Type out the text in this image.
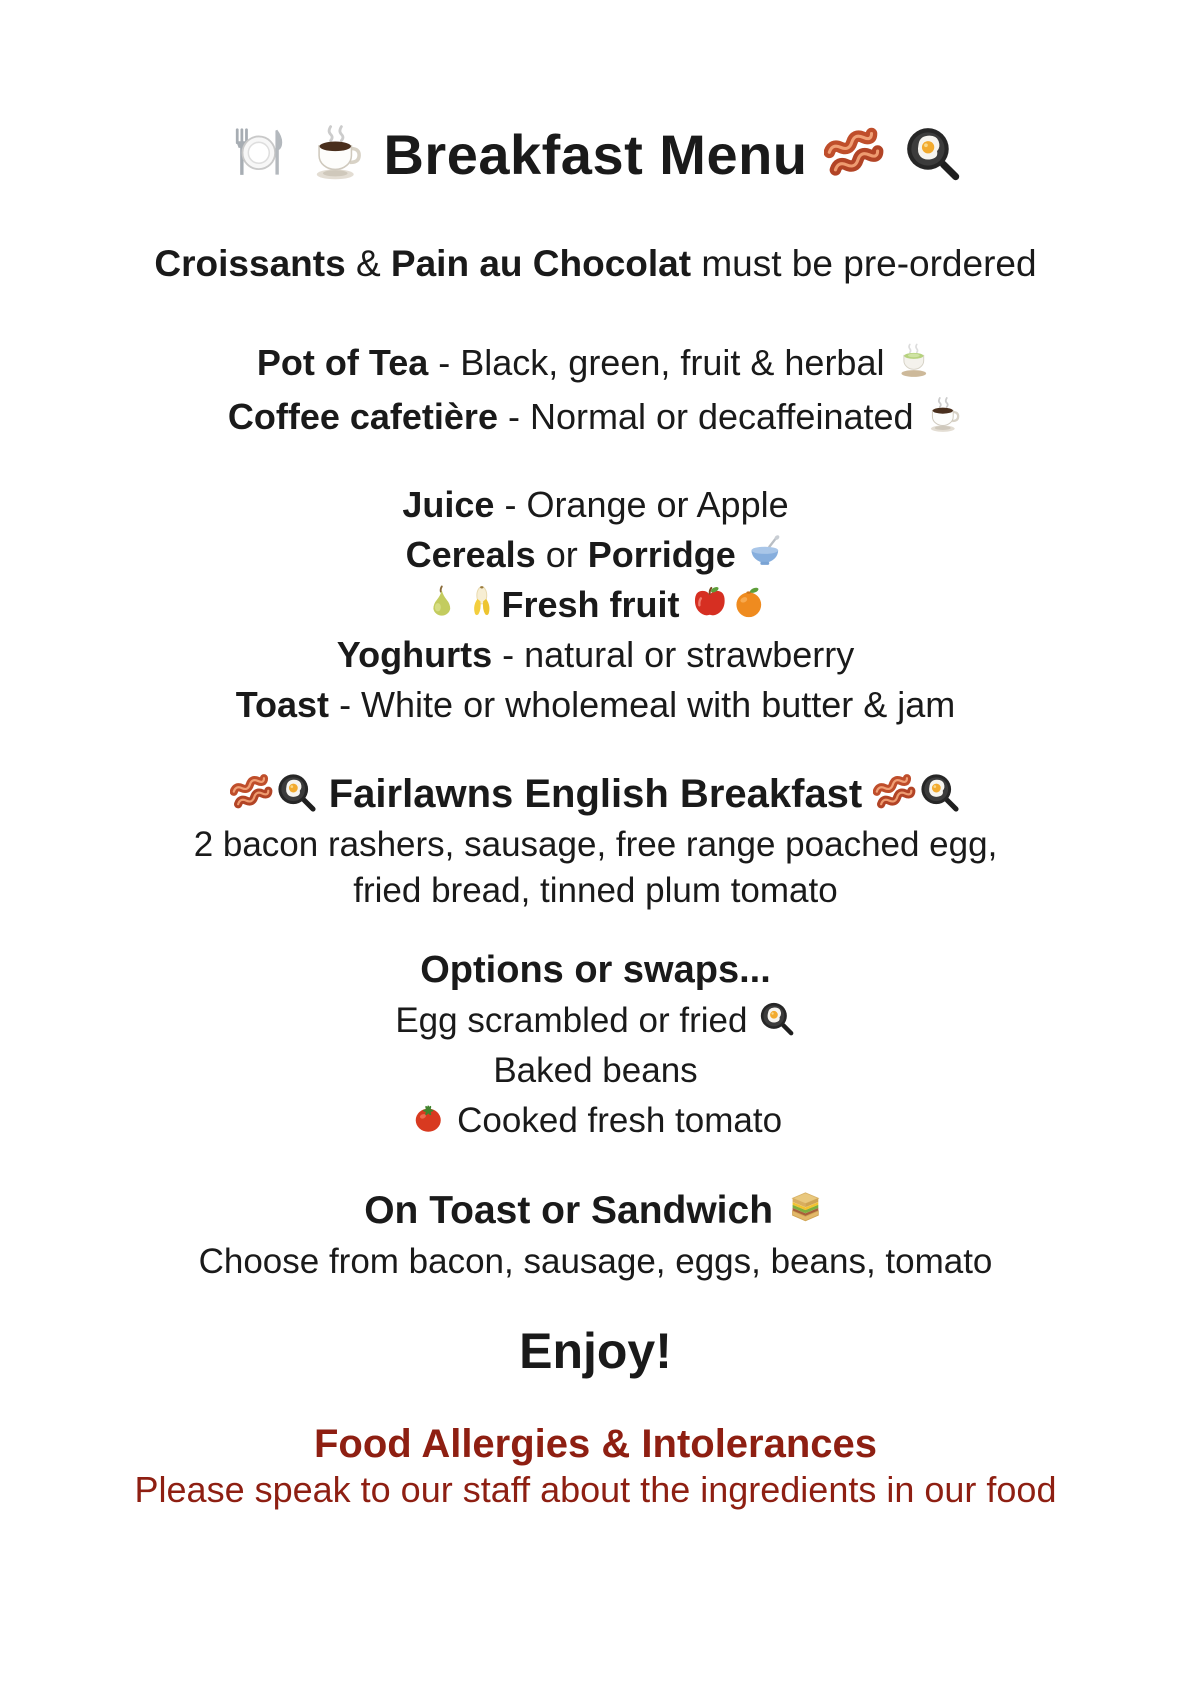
Breakfast Menu
Croissants & Pain au Chocolat must be pre-ordered
Pot of Tea - Black, green, fruit & herbal
Coffee cafetière - Normal or decaffeinated
Juice - Orange or Apple
Cereals or Porridge
Fresh fruit
Yoghurts - natural or strawberry
Toast - White or wholemeal with butter & jam
Fairlawns English Breakfast
2 bacon rashers, sausage, free range poached egg,
fried bread, tinned plum tomato
Options or swaps...
Egg scrambled or fried
Baked beans
Cooked fresh tomato
On Toast or Sandwich
Choose from bacon, sausage, eggs, beans, tomato
Enjoy!
Food Allergies & Intolerances
Please speak to our staff about the ingredients in our food
